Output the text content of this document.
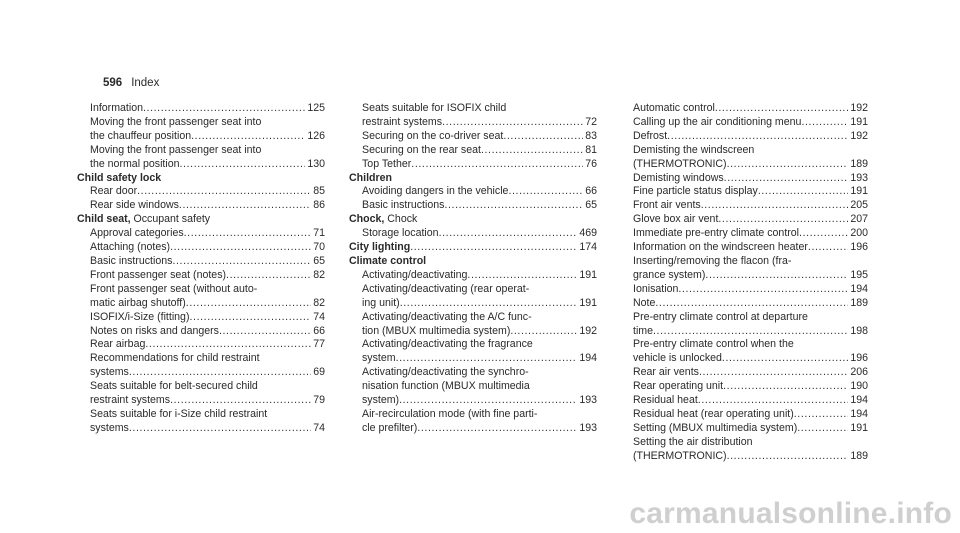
596 Index
Information .....	125
Moving the front passenger seat into
the chauffeur position .....	126
Moving the front passenger seat into
the normal position .....	130
Child safety lock
Rear door .....	85
Rear side windows .....	86
Child seat, Occupant safety
Approval categories .....	71
Attaching (notes) .....	70
Basic instructions .....	65
Front passenger seat (notes) .....	82
Front passenger seat (without auto-
matic airbag shutoff) .....	82
ISOFIX/i-Size (fitting) .....	74
Notes on risks and dangers .....	66
Rear airbag .....	77
Recommendations for child restraint
systems .....	69
Seats suitable for belt-secured child
restraint systems .....	79
Seats suitable for i-Size child restraint
systems .....	74
Seats suitable for ISOFIX child
restraint systems .....	72
Securing on the co-driver seat .....	83
Securing on the rear seat .....	81
Top Tether .....	76
Children
Avoiding dangers in the vehicle .....	66
Basic instructions .....	65
Chock, Chock
Storage location .....	469
City lighting .....	174
Climate control
Activating/deactivating .....	191
Activating/deactivating (rear operat-
ing unit) .....	191
Activating/deactivating the A/C func-
tion (MBUX multimedia system) .....	192
Activating/deactivating the fragrance
system .....	194
Activating/deactivating the synchro-
nisation function (MBUX multimedia
system) .....	193
Air-recirculation mode (with fine parti-
cle prefilter) .....	193
Automatic control .....	192
Calling up the air conditioning menu .....	191
Defrost .....	192
Demisting the windscreen
(THERMOTRONIC) .....	189
Demisting windows .....	193
Fine particle status display .....	191
Front air vents .....	205
Glove box air vent .....	207
Immediate pre-entry climate control .....	200
Information on the windscreen heater .....	196
Inserting/removing the flacon (fra-
grance system) .....	195
Ionisation .....	194
Note .....	189
Pre-entry climate control at departure
time .....	198
Pre-entry climate control when the
vehicle is unlocked .....	196
Rear air vents .....	206
Rear operating unit .....	190
Residual heat .....	194
Residual heat (rear operating unit) .....	194
Setting (MBUX multimedia system) .....	191
Setting the air distribution
(THERMOTRONIC) .....	189
carmanualsonline.info
